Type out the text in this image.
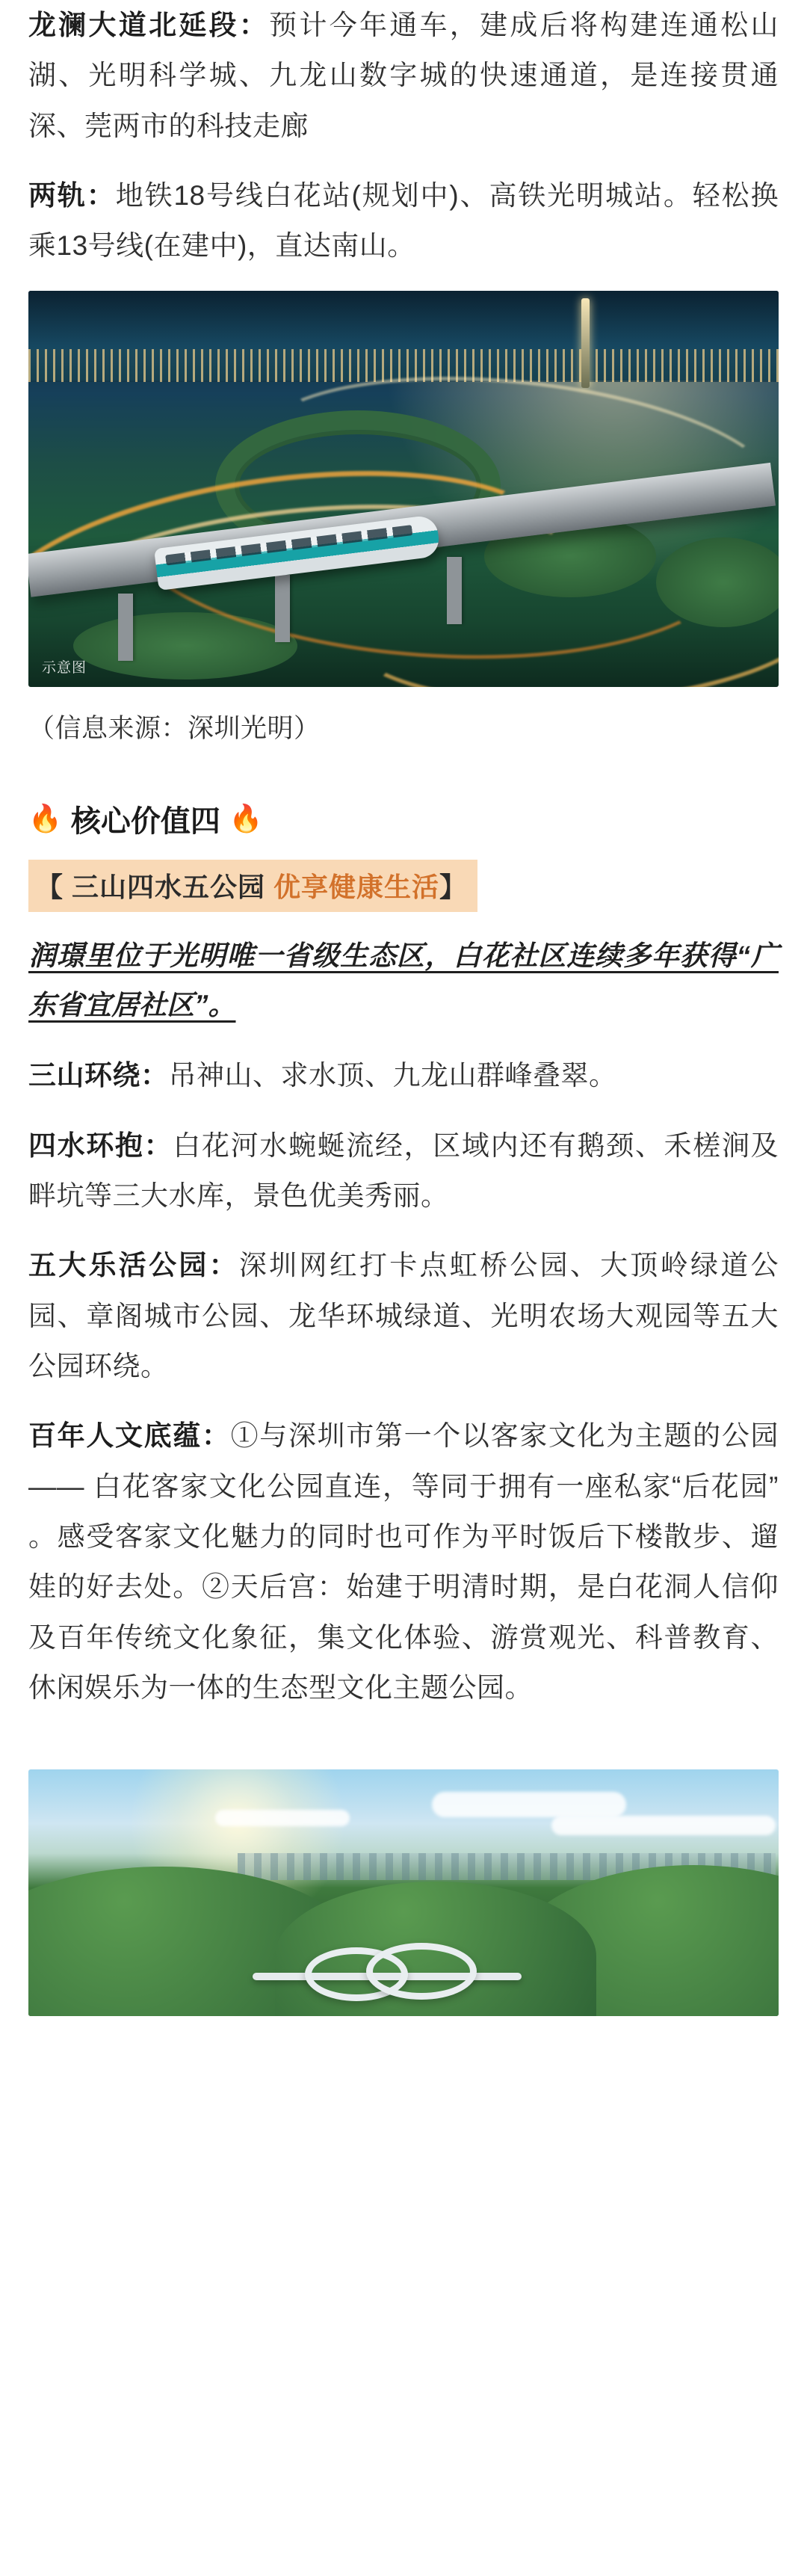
龙澜大道北延段：预计今年通车，建成后将构建连通松山湖、光明科学城、九龙山数字城的快速通道，是连接贯通深、莞两市的科技走廊

两轨：地铁18号线白花站(规划中)、高铁光明城站。轻松换乘13号线(在建中)，直达南山。

示意图

（信息来源：深圳光明）

🔥 核心价值四 🔥
【 三山四水五公园 优享健康生活】

润璟里位于光明唯一省级生态区，白花社区连续多年获得“广东省宜居社区”。

三山环绕：吊神山、求水顶、九龙山群峰叠翠。

四水环抱：白花河水蜿蜒流经，区域内还有鹅颈、禾槎涧及畔坑等三大水库，景色优美秀丽。

五大乐活公园：深圳网红打卡点虹桥公园、大顶岭绿道公园、章阁城市公园、龙华环城绿道、光明农场大观园等五大公园环绕。

百年人文底蕴：①与深圳市第一个以客家文化为主题的公园 —— 白花客家文化公园直连，等同于拥有一座私家“后花园” 。感受客家文化魅力的同时也可作为平时饭后下楼散步、遛娃的好去处。②天后宫：始建于明清时期，是白花洞人信仰及百年传统文化象征，集文化体验、游赏观光、科普教育、休闲娱乐为一体的生态型文化主题公园。
